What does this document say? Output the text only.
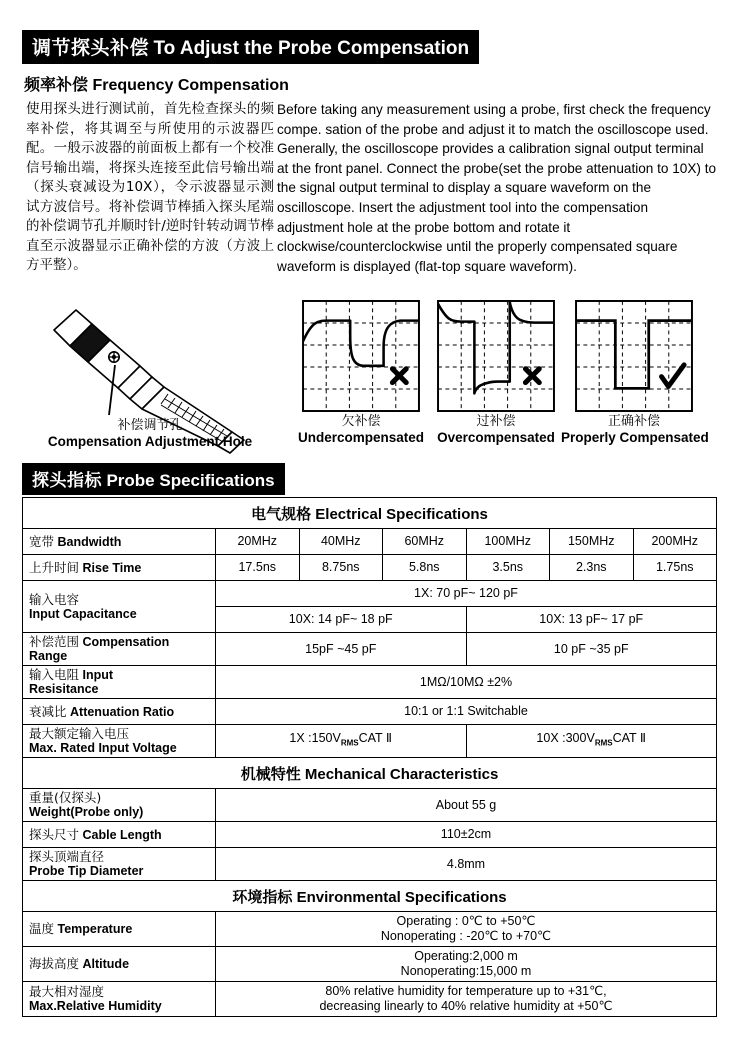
调节探头补偿 To Adjust the Probe Compensation
频率补偿 Frequency Compensation
使用探头进行测试前，首先检查探头的频率补偿，将其调至与所使用的示波器匹配。一般示波器的前面板上都有一个校准信号输出端，将探头连接至此信号输出端（探头衰减设为10X），令示波器显示测试方波信号。将补偿调节棒插入探头尾端的补偿调节孔并顺时针/逆时针转动调节棒直至示波器显示正确补偿的方波（方波上方平整）。
Before taking any measurement using a probe, first check the frequency compe. sation of the probe and adjust it to match the oscilloscope used. Generally, the oscilloscope provides a calibration signal output terminal at the front panel. Connect the probe(set the probe attenuation to 10X) to the signal output terminal to display a square waveform on the oscilloscope. Insert the adjustment tool into the compensation adjustment hole at the probe bottom and rotate it clockwise/counterclockwise until the properly compensated square waveform is displayed (flat-top square waveform).
补偿调节孔
Compensation Adjustment Hole
欠补偿
Undercompensated
过补偿
Overcompensated
正确补偿
Properly Compensated
探头指标 Probe Specifications
电气规格 Electrical Specifications						
宽带 Bandwidth	20MHz	40MHz	60MHz	100MHz	150MHz	200MHz
上升时间 Rise Time	17.5ns	8.75ns	5.8ns	3.5ns	2.3ns	1.75ns
输入电容
Input Capacitance	1X: 70 pF~ 120 pF					
	10X: 14 pF~ 18 pF			10X: 13 pF~ 17 pF		
补偿范围 Compensation
Range	15pF ~45 pF			10 pF ~35 pF		
输入电阻 Input
Resisitance	1MΩ/10MΩ ±2%					
衰减比 Attenuation Ratio	10:1 or 1:1 Switchable					
最大额定输入电压
Max. Rated Input Voltage	1X $:150V_{RMS}CAT$ Ⅱ			10X $:300V_{RMS}CAT$ Ⅱ		
机械特性 Mechanical Characteristics						
重量(仅探头)
Weight(Probe only)	About 55 g					
探头尺寸 Cable Length	110±2cm					
探头顶端直径
Probe Tip Diameter	4.8mm					
环境指标 Environmental Specifications						
温度 Temperature	Operating : 0℃ to +50℃
Nonoperating : -20℃ to +70℃					
海拔高度 Altitude	Operating:2,000 m
Nonoperating:15,000 m					
最大相对湿度
Max.Relative Humidity	80% relative humidity for temperature up to +31℃,
decreasing linearly to 40% relative humidity at +50℃					
